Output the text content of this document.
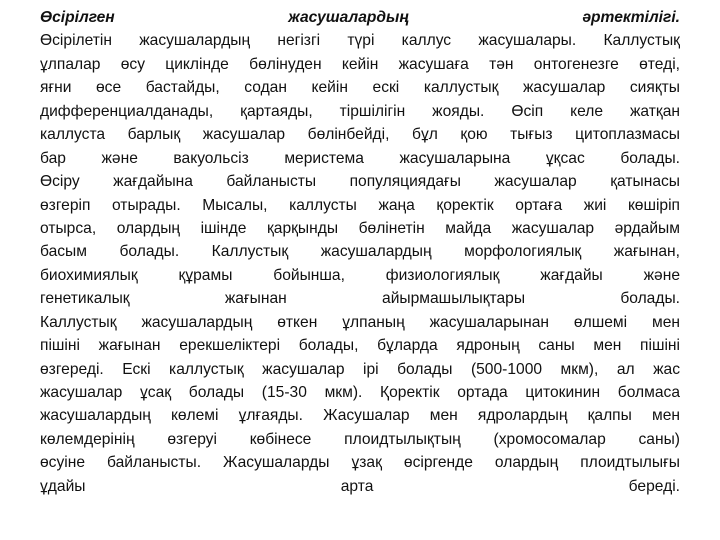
Өсірілген	жасушалардың	әртектілігі.
Өсірілетін жасушалардың негізгі түрі каллус жасушалары. Каллустық
ұлпалар өсу циклінде бөлінуден кейін жасушаға тән онтогенезге өтеді,
яғни өсе бастайды, содан кейін ескі каллустық жасушалар сияқты
дифференциалданады, қартаяды, тіршілігін жояды. Өсіп келе жатқан
каллуста барлық жасушалар бөлінбейді, бұл қою тығыз цитоплазмасы
бар және вакуольсіз меристема жасушаларына ұқсас болады.
Өсіру жағдайына байланысты популяциядағы жасушалар қатынасы
өзгеріп отырады. Мысалы, каллусты жаңа қоректік ортаға жиі көшіріп
отырса, олардың ішінде қарқынды бөлінетін майда жасушалар әрдайым
басым болады. Каллустық жасушалардың морфологиялық жағынан,
биохимиялық құрамы бойынша, физиологиялық жағдайы және
генетикалық жағынан айырмашылықтары болады.
Каллустық жасушалардың өткен ұлпаның жасушаларынан өлшемі мен
пішіні жағынан ерекшеліктері болады, бұларда ядроның саны мен пішіні
өзгереді. Ескі каллустық жасушалар ірі болады (500-1000 мкм), ал жас
жасушалар ұсақ болады (15-30 мкм). Қоректік ортада цитокинин болмаса
жасушалардың көлемі ұлғаяды. Жасушалар мен ядролардың қалпы мен
көлемдерінің өзгеруі көбінесе плоидтылықтың (хромосомалар саны)
өсуіне байланысты. Жасушаларды ұзақ өсіргенде олардың плоидтылығы
ұдайы арта береді.
